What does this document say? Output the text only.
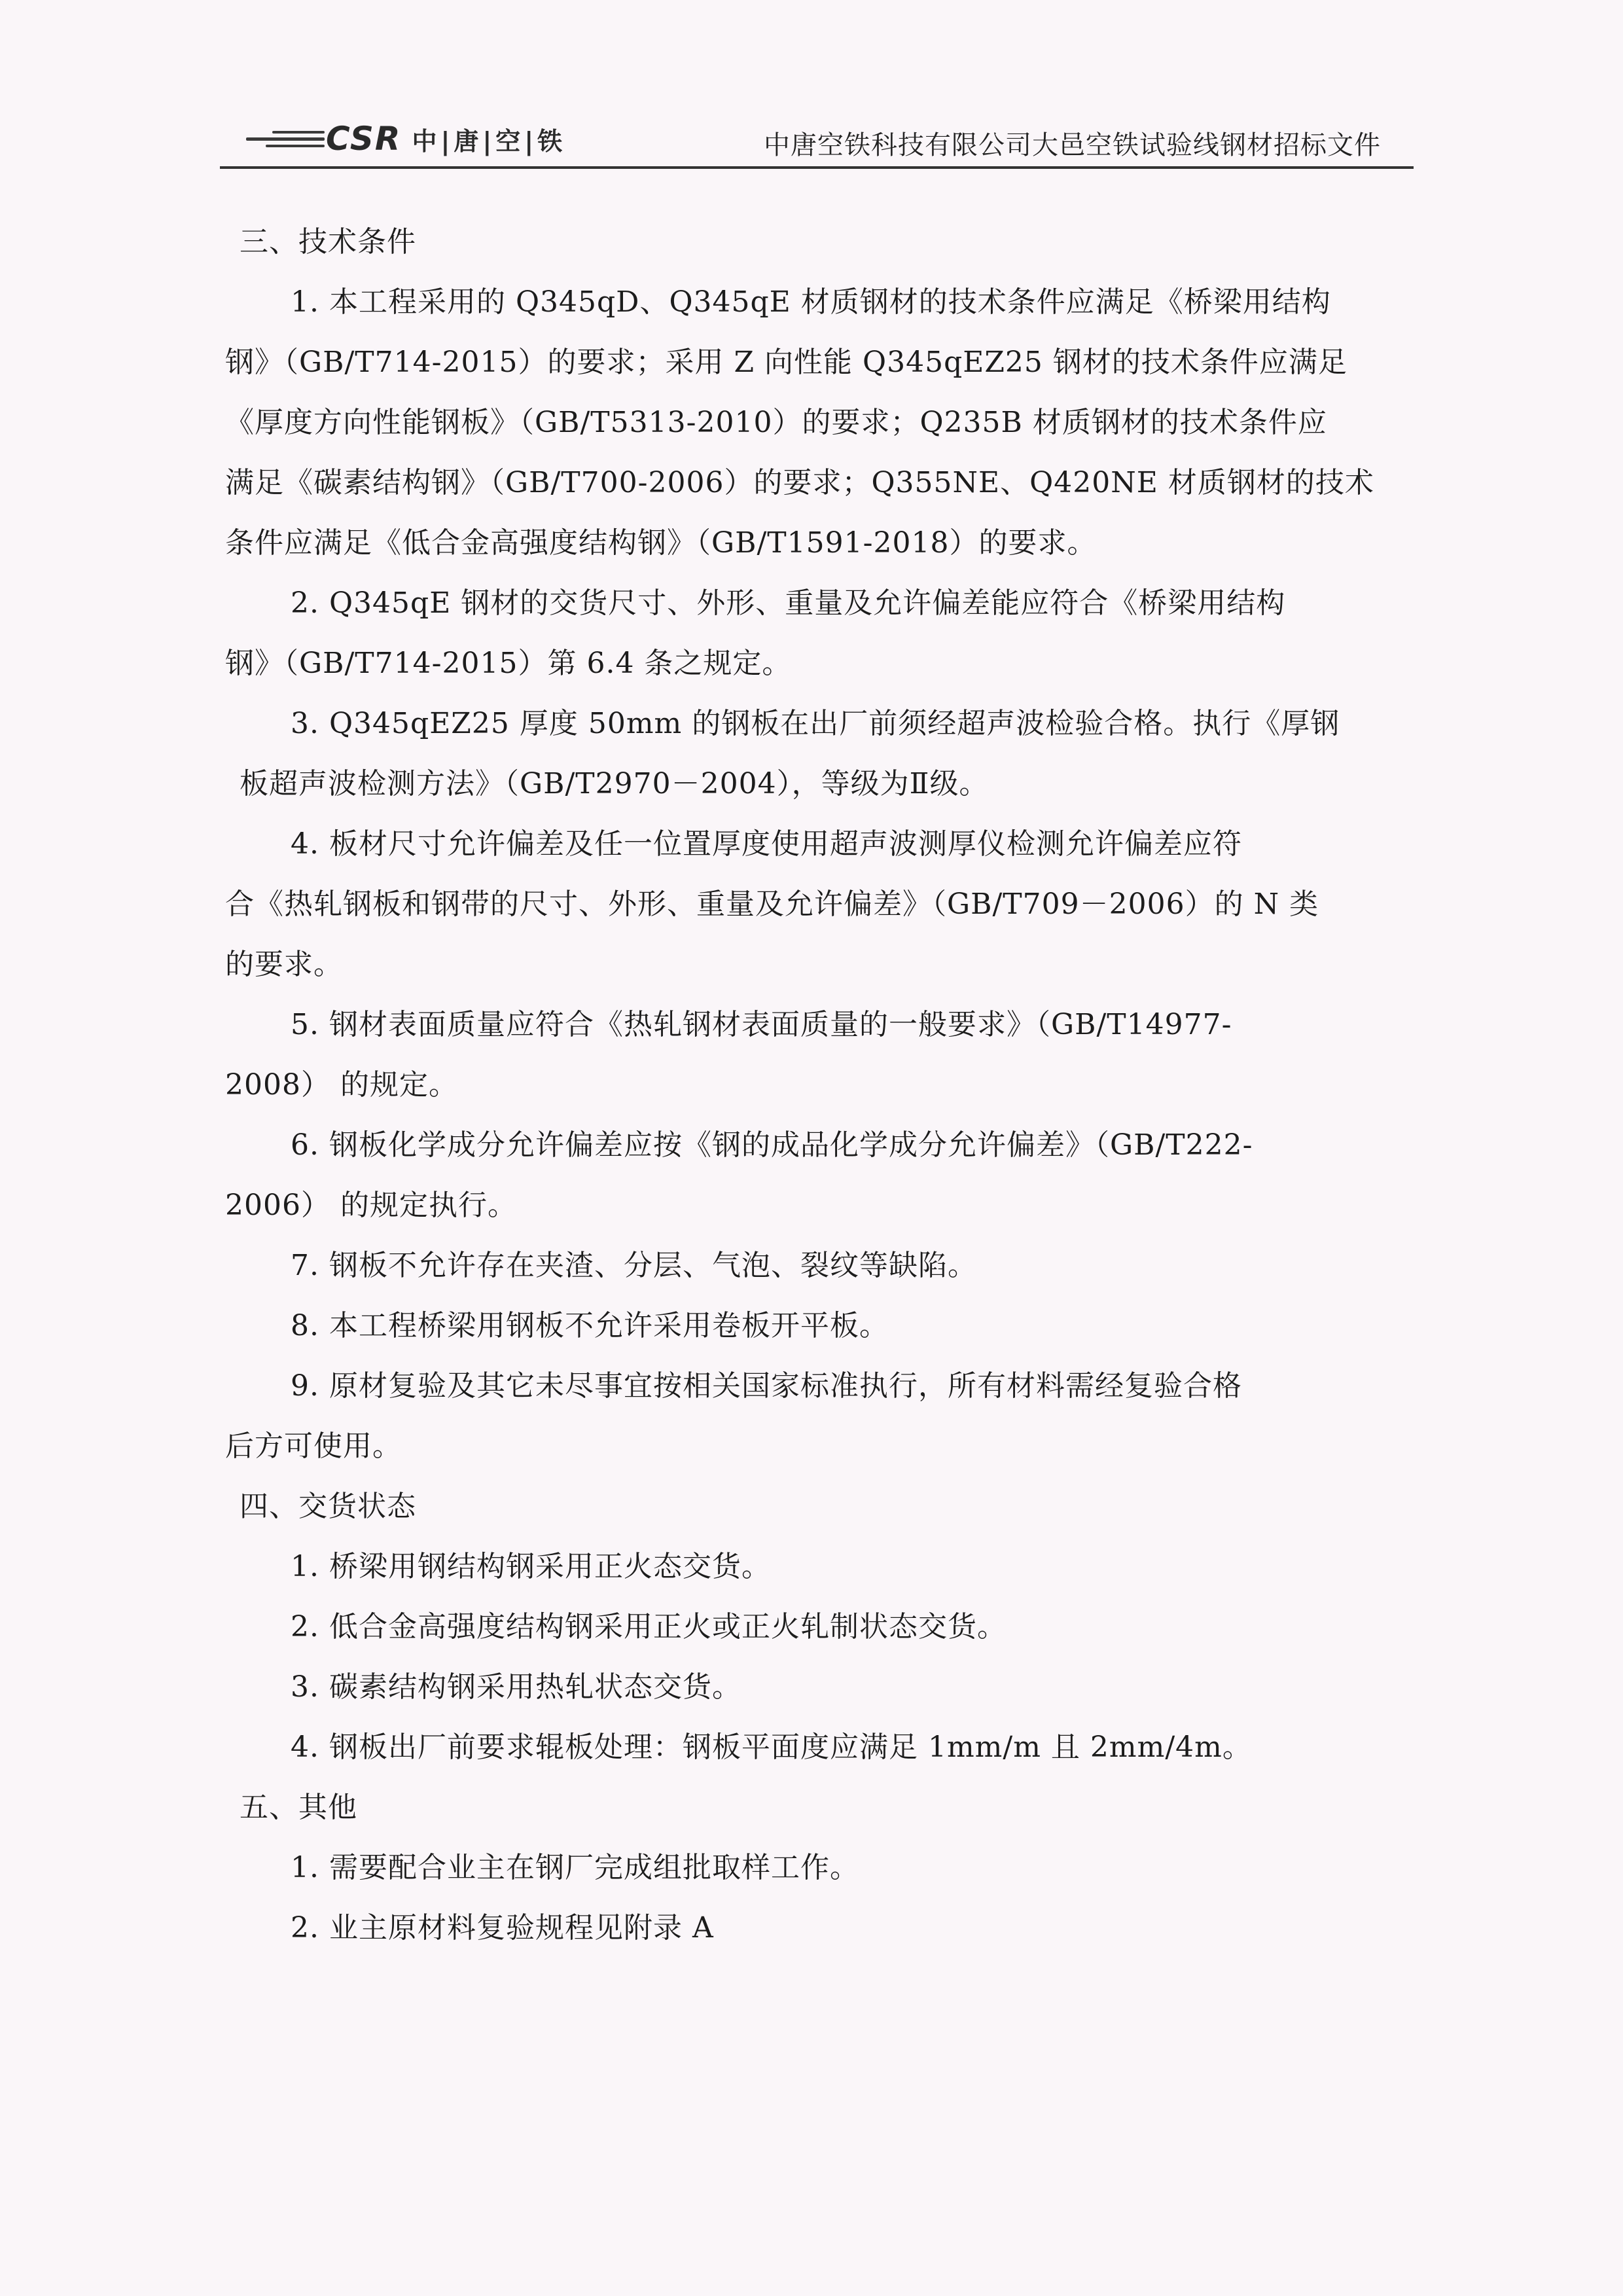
CSR 中|唐|空|铁	中唐空铁科技有限公司大邑空铁试验线钢材招标文件
三、技术条件
1. 本工程采用的 Q345qD、Q345qE 材质钢材的技术条件应满足《桥梁用结构
钢》（GB/T714-2015）的要求；采用 Z 向性能 Q345qEZ25 钢材的技术条件应满足
《厚度方向性能钢板》（GB/T5313-2010）的要求；Q235B 材质钢材的技术条件应
满足《碳素结构钢》（GB/T700-2006）的要求；Q355NE、Q420NE 材质钢材的技术
条件应满足《低合金高强度结构钢》（GB/T1591-2018）的要求。
2. Q345qE 钢材的交货尺寸、外形、重量及允许偏差能应符合《桥梁用结构
钢》（GB/T714-2015）第 6.4 条之规定。
3. Q345qEZ25 厚度 50mm 的钢板在出厂前须经超声波检验合格。执行《厚钢
板超声波检测方法》（GB/T2970－2004），等级为Ⅱ级。
4. 板材尺寸允许偏差及任一位置厚度使用超声波测厚仪检测允许偏差应符
合《热轧钢板和钢带的尺寸、外形、重量及允许偏差》（GB/T709－2006）的 N 类
的要求。
5. 钢材表面质量应符合《热轧钢材表面质量的一般要求》（GB/T14977-
2008） 的规定。
6. 钢板化学成分允许偏差应按《钢的成品化学成分允许偏差》（GB/T222-
2006） 的规定执行。
7. 钢板不允许存在夹渣、分层、气泡、裂纹等缺陷。
8. 本工程桥梁用钢板不允许采用卷板开平板。
9. 原材复验及其它未尽事宜按相关国家标准执行，所有材料需经复验合格
后方可使用。
四、交货状态
1. 桥梁用钢结构钢采用正火态交货。
2. 低合金高强度结构钢采用正火或正火轧制状态交货。
3. 碳素结构钢采用热轧状态交货。
4. 钢板出厂前要求辊板处理：钢板平面度应满足 1mm/m 且 2mm/4m。
五、其他
1. 需要配合业主在钢厂完成组批取样工作。
2. 业主原材料复验规程见附录 A
